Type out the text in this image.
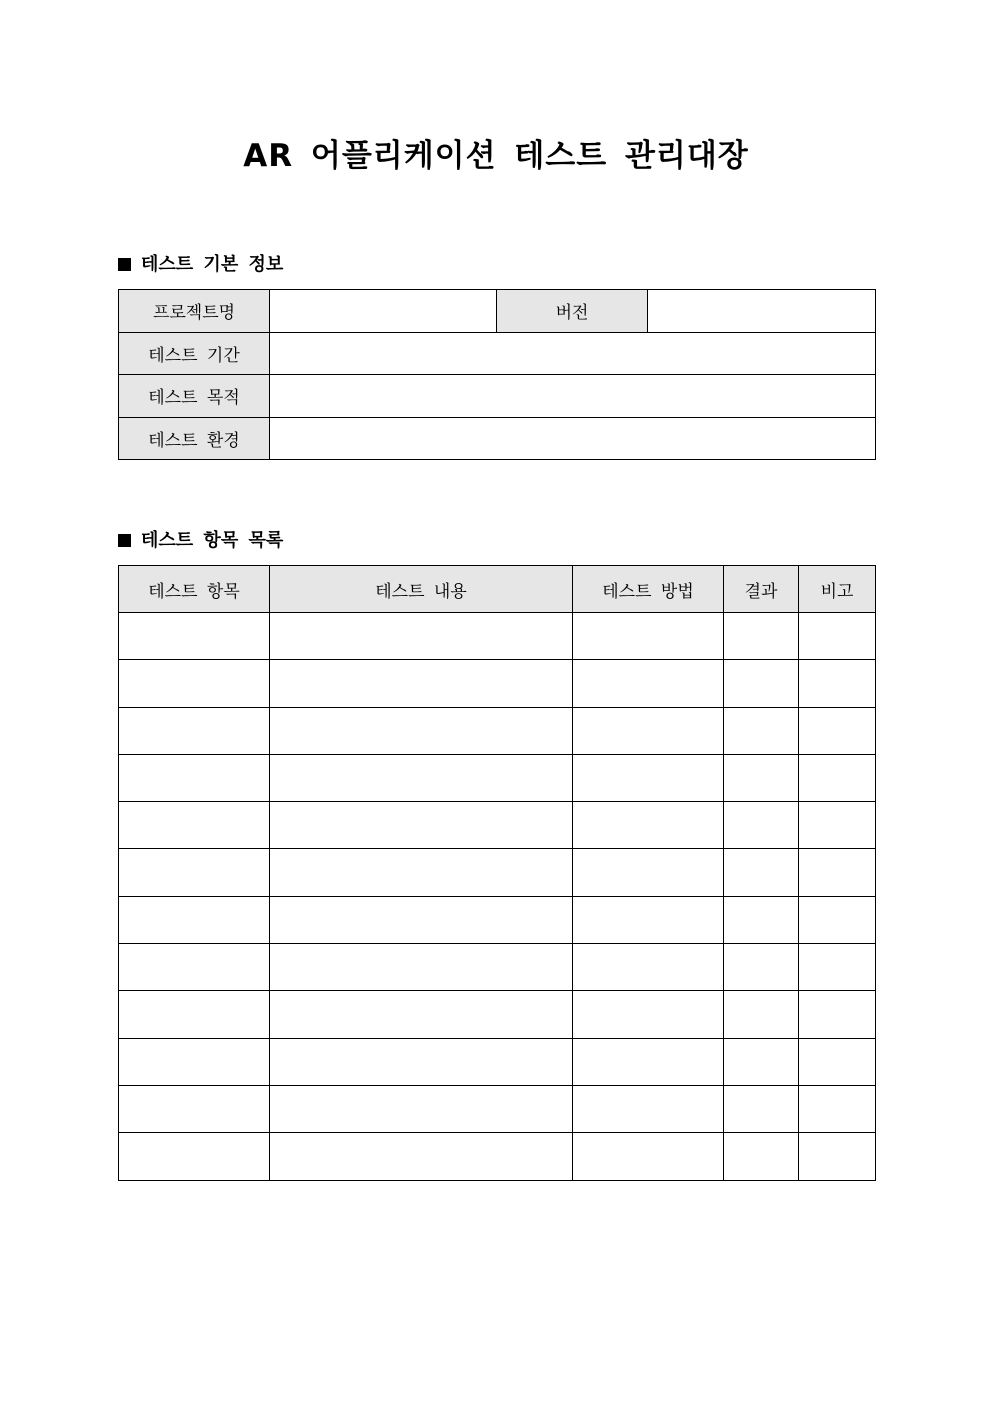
AR 어플리케이션 테스트 관리대장
테스트 기본 정보
프로젝트명		버전	
테스트 기간			
테스트 목적			
테스트 환경			
테스트 항목 목록
테스트 항목	테스트 내용	테스트 방법	결과	비고
